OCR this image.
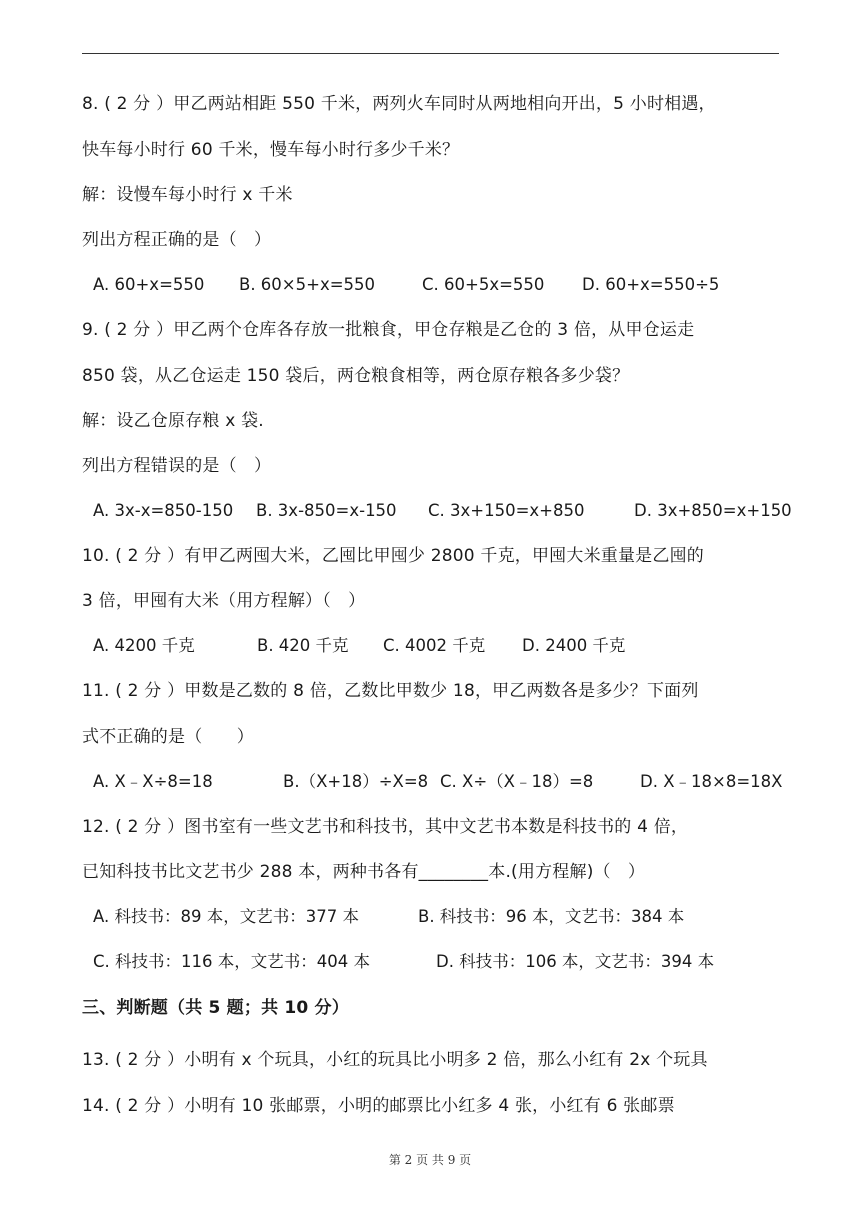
8. ( 2 分 ）甲乙两站相距 550 千米，两列火车同时从两地相向开出，5 小时相遇，
快车每小时行 60 千米，慢车每小时行多少千米？
解：设慢车每小时行 x 千米
列出方程正确的是（　）
A. 60+x=550 B. 60×5+x=550	C. 60+5x=550 D. 60+x=550÷5
9. ( 2 分 ）甲乙两个仓库各存放一批粮食，甲仓存粮是乙仓的 3 倍，从甲仓运走
850 袋，从乙仓运走 150 袋后，两仓粮食相等，两仓原存粮各多少袋？
解：设乙仓原存粮 x 袋.
列出方程错误的是（　）
A. 3x-x=850-150 B. 3x-850=x-150 C. 3x+150=x+850	D. 3x+850=x+150
10. ( 2 分 ）有甲乙两囤大米，乙囤比甲囤少 2800 千克，甲囤大米重量是乙囤的
3 倍，甲囤有大米（用方程解）（　）
A. 4200 千克	B. 420 千克 C. 4002 千克 D. 2400 千克
11. ( 2 分 ）甲数是乙数的 8 倍，乙数比甲数少 18，甲乙两数各是多少？下面列
式不正确的是（　　）
A. X﹣X÷8=18	B.（X+18）÷X=8 C. X÷（X﹣18）=8	D. X﹣18×8=18X
12. ( 2 分 ）图书室有一些文艺书和科技书，其中文艺书本数是科技书的 4 倍，
已知科技书比文艺书少 288 本，两种书各有________本.(用方程解)（　）
A. 科技书：89 本，文艺书：377 本	B. 科技书：96 本，文艺书：384 本
C. 科技书：116 本，文艺书：404 本	D. 科技书：106 本，文艺书：394 本
三、判断题（共 5 题；共 10 分）
13. ( 2 分 ）小明有 x 个玩具，小红的玩具比小明多 2 倍，那么小红有 2x 个玩具
14. ( 2 分 ）小明有 10 张邮票，小明的邮票比小红多 4 张，小红有 6 张邮票
第 2 页 共 9 页
